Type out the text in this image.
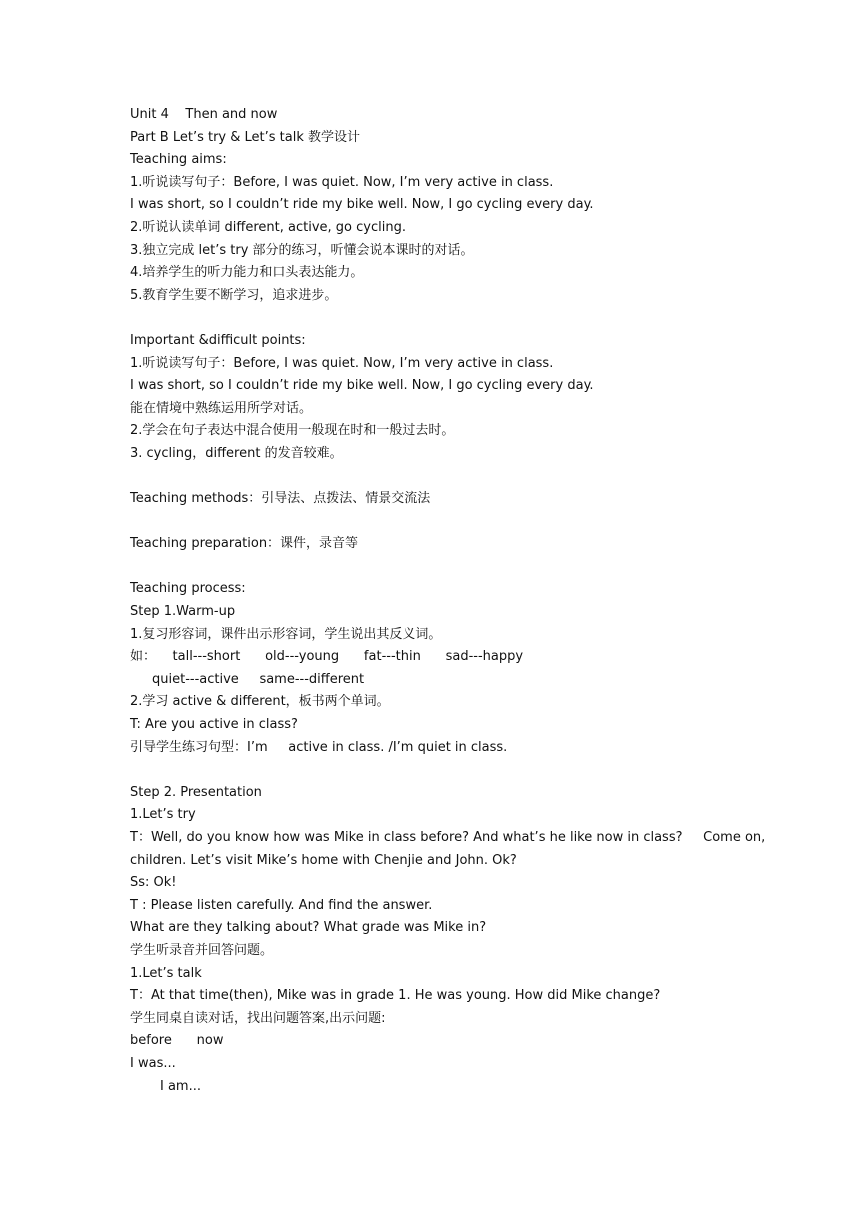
Unit 4    Then and now
Part B Let’s try & Let’s talk 教学设计
Teaching aims:
1.听说读写句子：Before, I was quiet. Now, I’m very active in class.
I was short, so I couldn’t ride my bike well. Now, I go cycling every day.
2.听说认读单词 different, active, go cycling.
3.独立完成 let’s try 部分的练习，听懂会说本课时的对话。
4.培养学生的听力能力和口头表达能力。
5.教育学生要不断学习，追求进步。
Important &difficult points:
1.听说读写句子：Before, I was quiet. Now, I’m very active in class.
I was short, so I couldn’t ride my bike well. Now, I go cycling every day.
能在情境中熟练运用所学对话。
2.学会在句子表达中混合使用一般现在时和一般过去时。
3. cycling，different 的发音较难。
Teaching methods：引导法、点拨法、情景交流法
Teaching preparation：课件，录音等
Teaching process:
Step 1.Warm-up
1.复习形容词，课件出示形容词，学生说出其反义词。
如：    tall---short      old---young      fat---thin      sad---happy
quiet---active     same---different
2.学习 active & different，板书两个单词。
T: Are you active in class?
引导学生练习句型：I’m     active in class. /I’m quiet in class.
Step 2. Presentation
1.Let’s try
T：Well, do you know how was Mike in class before? And what’s he like now in class?     Come on,
children. Let’s visit Mike’s home with Chenjie and John. Ok?
Ss: Ok!
T : Please listen carefully. And find the answer.
What are they talking about? What grade was Mike in?
学生听录音并回答问题。
1.Let’s talk
T：At that time(then), Mike was in grade 1. He was young. How did Mike change?
学生同桌自读对话，找出问题答案,出示问题:
before      now
I was...
I am...
